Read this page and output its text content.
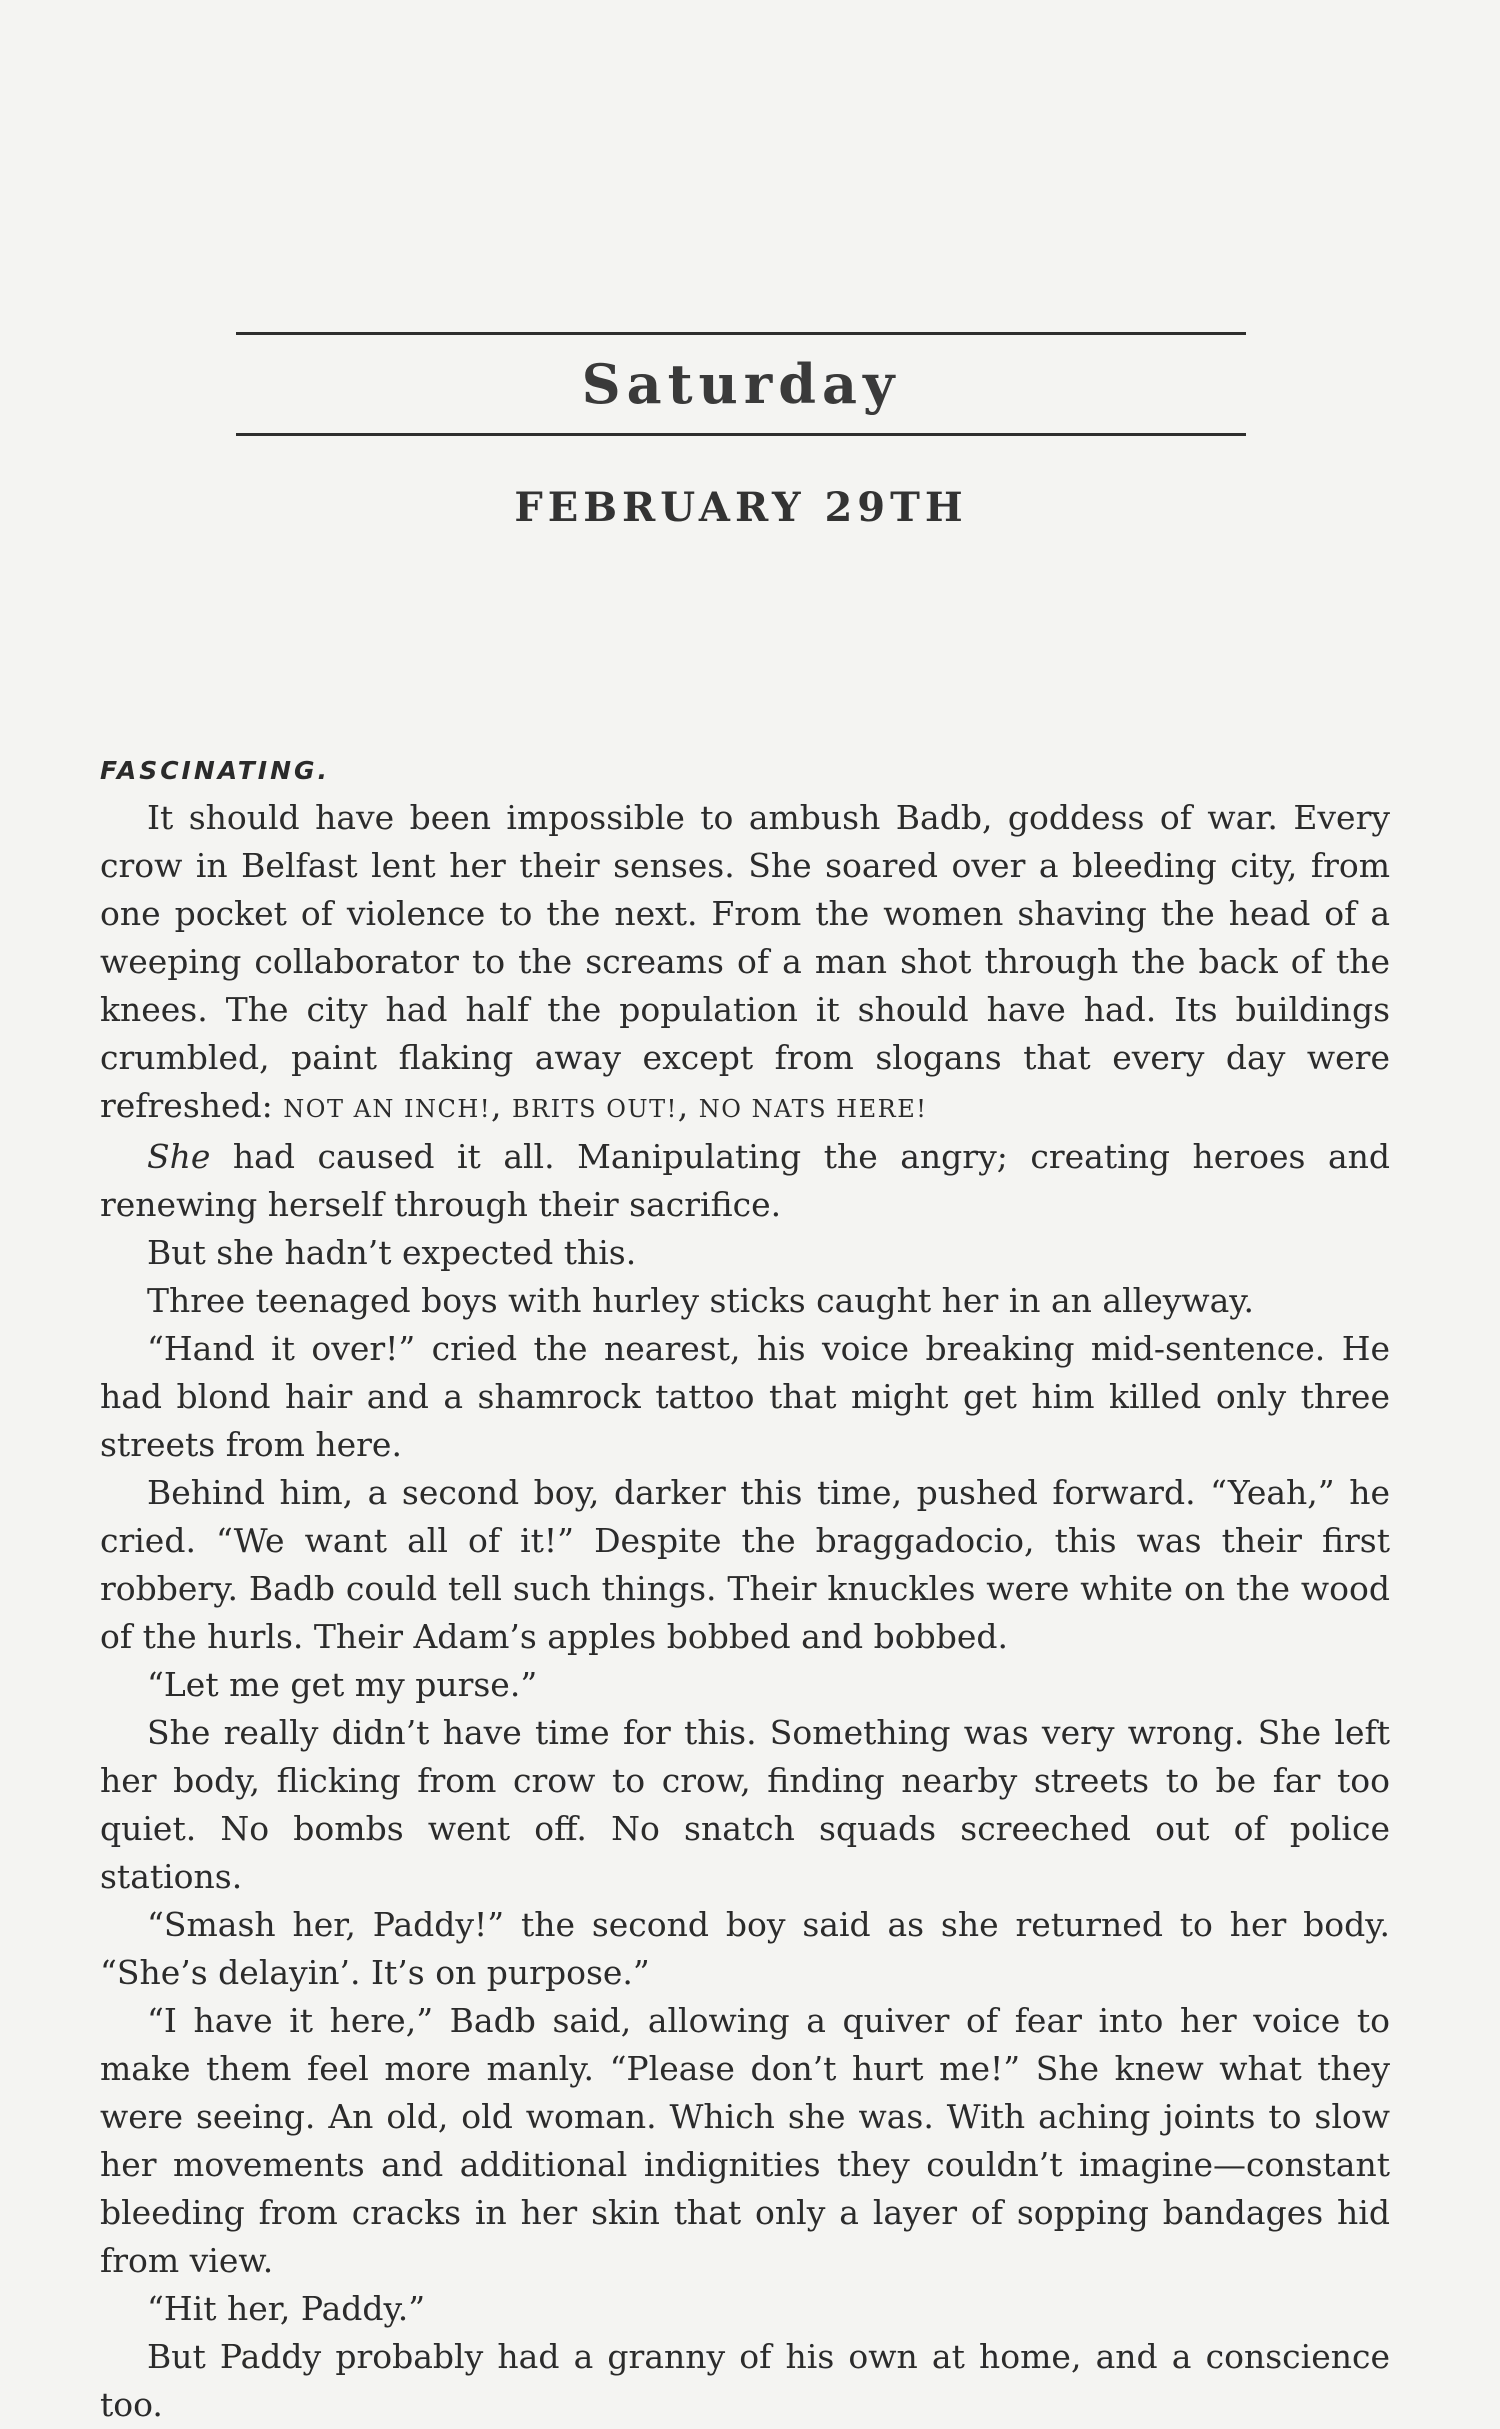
Saturday
FEBRUARY 29TH
FASCINATING.

It should have been impossible to ambush Badb, goddess of war. Every crow in Belfast lent her their senses. She soared over a bleeding city, from one pocket of violence to the next. From the women shaving the head of a weeping collaborator to the screams of a man shot through the back of the knees. The city had half the population it should have had. Its buildings crumbled, paint flaking away except from slogans that every day were refreshed: NOT AN INCH!, BRITS OUT!, NO NATS HERE!

She had caused it all. Manipulating the angry; creating heroes and renewing herself through their sacrifice.

But she hadn’t expected this.

Three teenaged boys with hurley sticks caught her in an alleyway.

“Hand it over!” cried the nearest, his voice breaking mid-sentence. He had blond hair and a shamrock tattoo that might get him killed only three streets from here.

Behind him, a second boy, darker this time, pushed forward. “Yeah,” he cried. “We want all of it!” Despite the braggadocio, this was their first robbery. Badb could tell such things. Their knuckles were white on the wood of the hurls. Their Adam’s apples bobbed and bobbed.

“Let me get my purse.”

She really didn’t have time for this. Something was very wrong. She left her body, flicking from crow to crow, finding nearby streets to be far too quiet. No bombs went off. No snatch squads screeched out of police stations.

“Smash her, Paddy!” the second boy said as she returned to her body. “She’s delayin’. It’s on purpose.”

“I have it here,” Badb said, allowing a quiver of fear into her voice to make them feel more manly. “Please don’t hurt me!” She knew what they were seeing. An old, old woman. Which she was. With aching joints to slow her movements and additional indignities they couldn’t imagine—constant bleeding from cracks in her skin that only a layer of sopping bandages hid from view.

“Hit her, Paddy.”

But Paddy probably had a granny of his own at home, and a conscience too.
